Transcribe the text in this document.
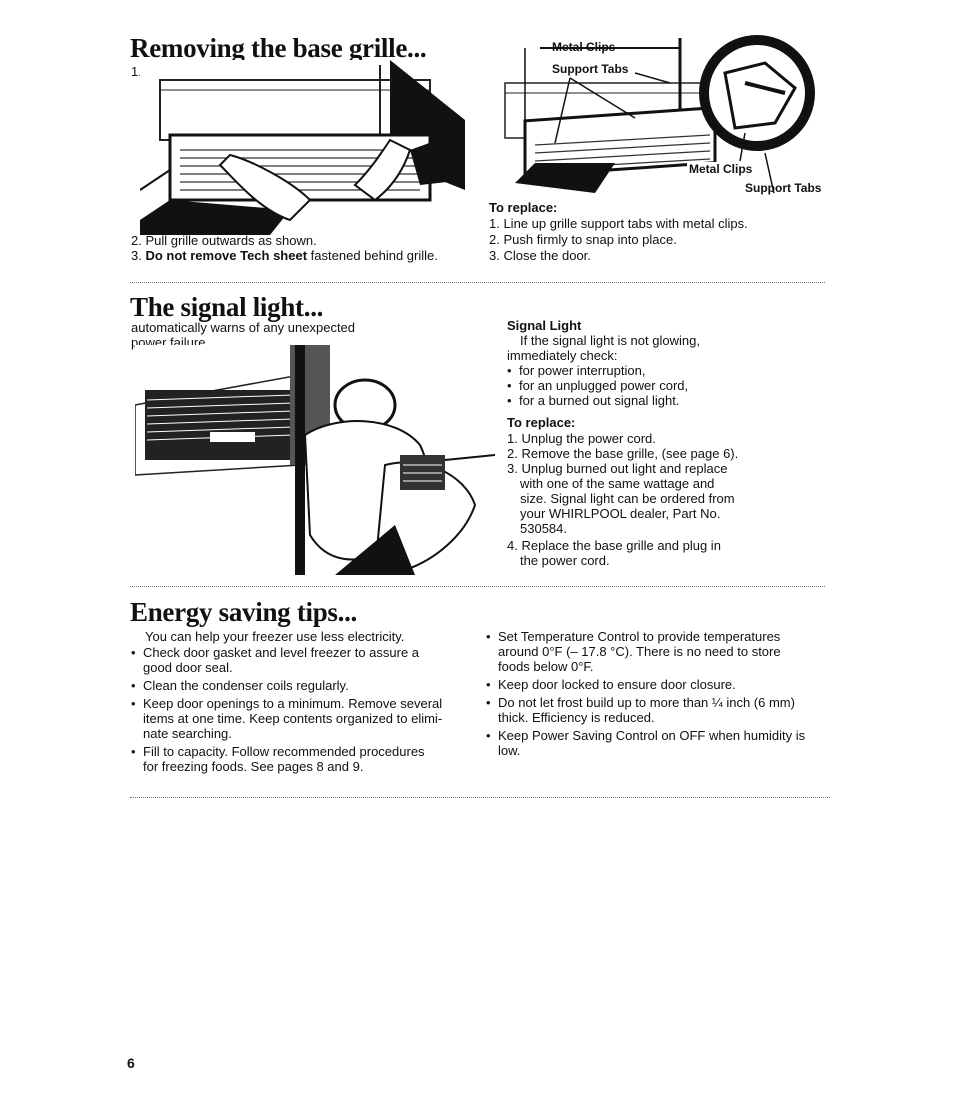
Removing the base grille...
1. Open the door.
2. Pull grille outwards as shown.
3. Do not remove Tech sheet fastened behind grille.
Metal Clips
Support Tabs
Metal Clips
Support Tabs
To replace:
1. Line up grille support tabs with metal clips.
2. Push firmly to snap into place.
3. Close the door.
The signal light...
automatically warns of any unexpected
power failure.
Signal Light
If the signal light is not glowing,
immediately check:
• for power interruption,
• for an unplugged power cord,
• for a burned out signal light.
To replace:
1. Unplug the power cord.
2. Remove the base grille, (see page 6).
3. Unplug burned out light and replace
with one of the same wattage and
size. Signal light can be ordered from
your WHIRLPOOL dealer, Part No.
530584.
4. Replace the base grille and plug in
the power cord.
Energy saving tips...
You can help your freezer use less electricity.
• Check door gasket and level freezer to assure a
good door seal.
• Clean the condenser coils regularly.
• Keep door openings to a minimum. Remove several
items at one time. Keep contents organized to elimi-
nate searching.
• Fill to capacity. Follow recommended procedures
for freezing foods. See pages 8 and 9.
• Set Temperature Control to provide temperatures
around 0°F (– 17.8 °C). There is no need to store
foods below 0°F.
• Keep door locked to ensure door closure.
• Do not let frost build up to more than ¼ inch (6 mm)
thick. Efficiency is reduced.
• Keep Power Saving Control on OFF when humidity is
low.
6
